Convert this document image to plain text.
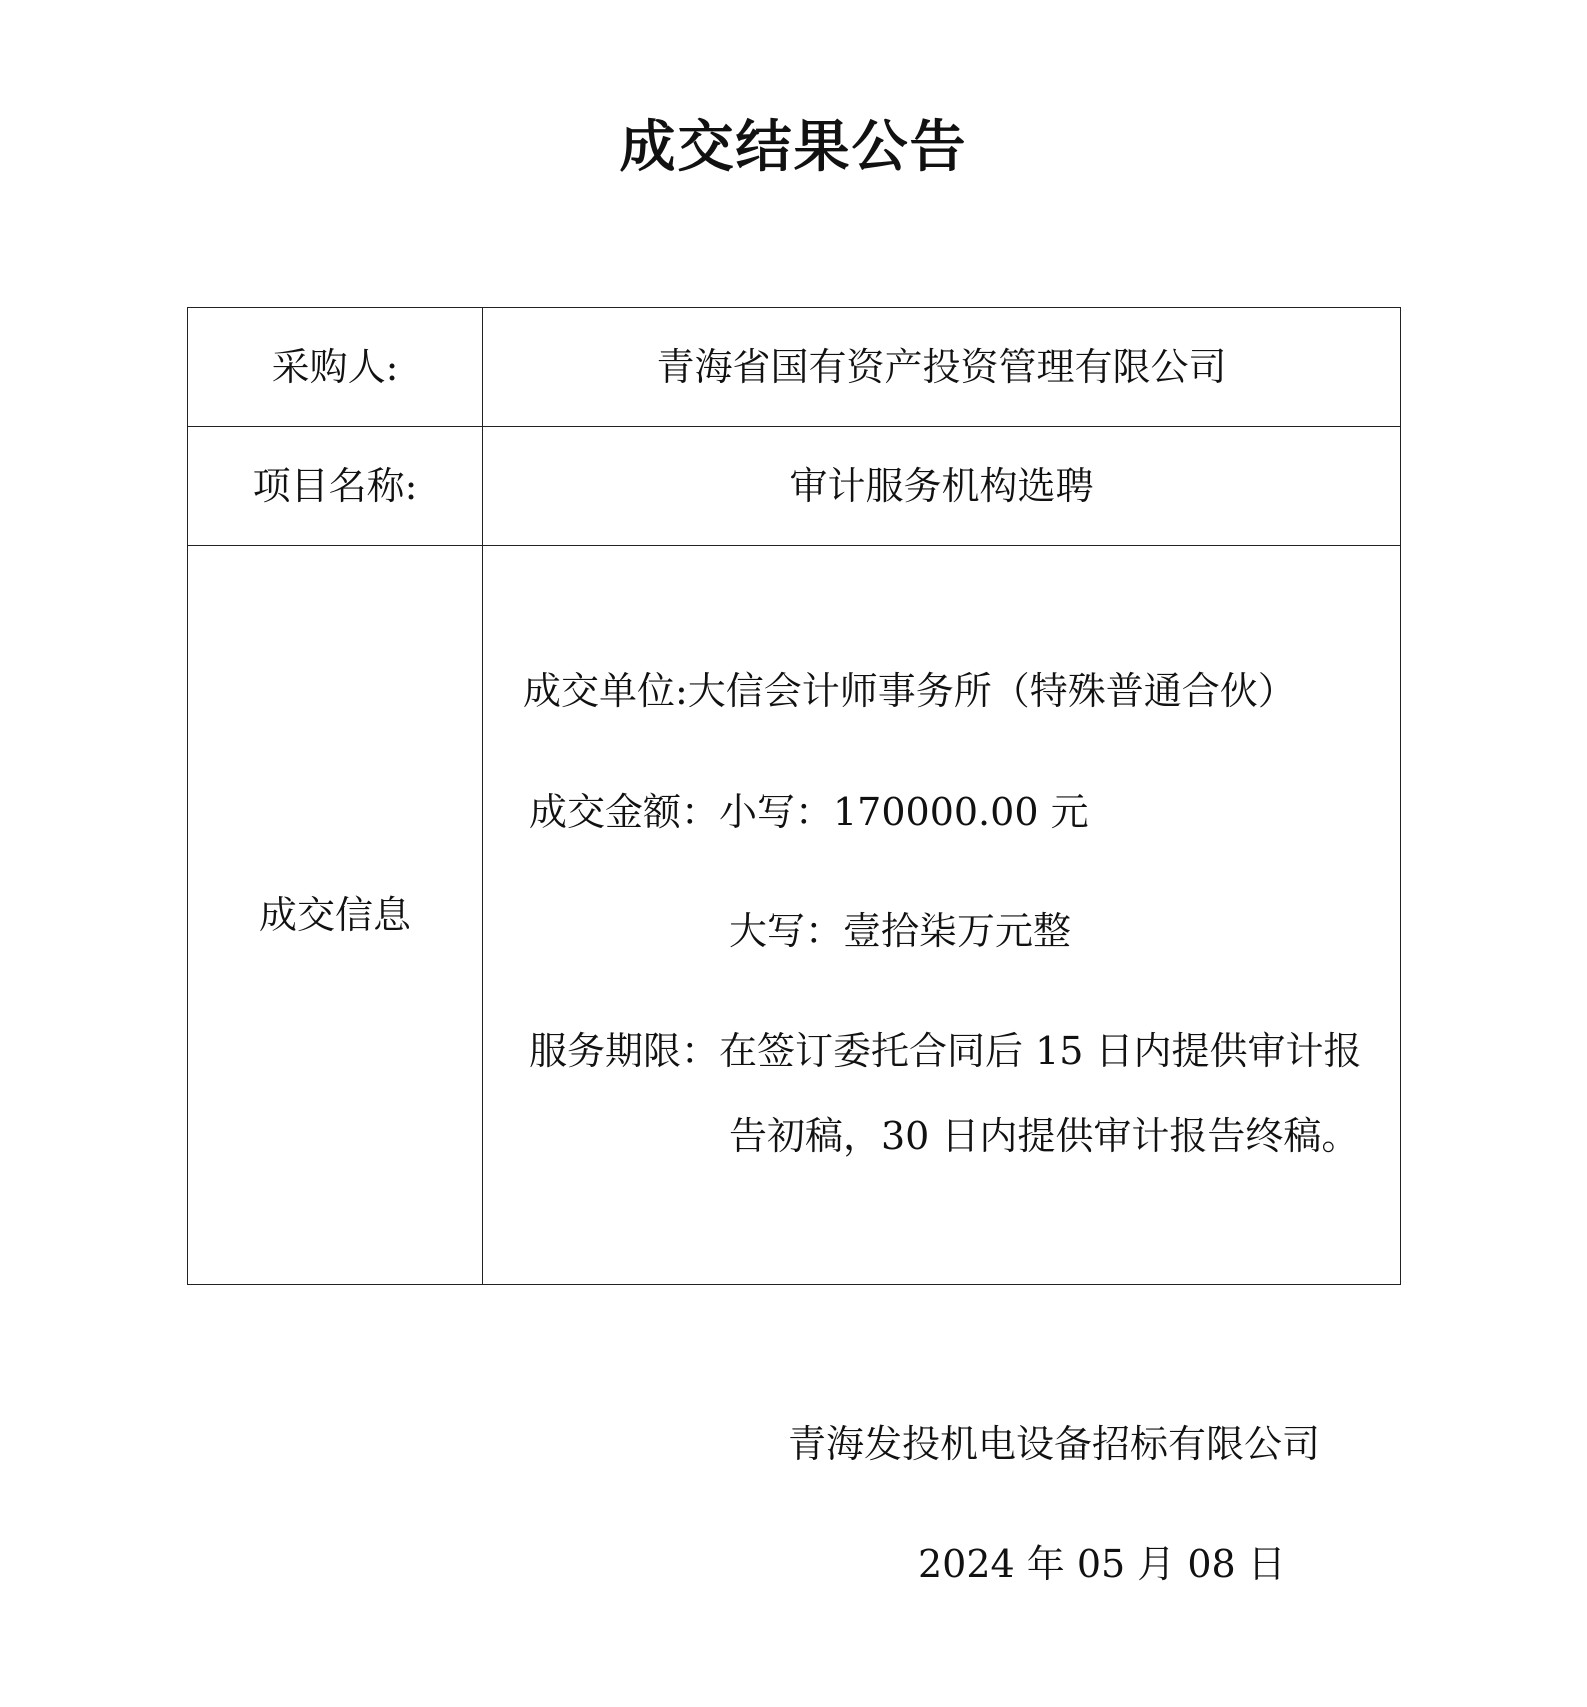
成交结果公告
采购人:	青海省国有资产投资管理有限公司
项目名称:	审计服务机构选聘
成交信息	成交单位:大信会计师事务所（特殊普通合伙）
成交金额：小写：170000.00 元
大写：壹拾柒万元整
服务期限：在签订委托合同后 15 日内提供审计报
告初稿，30 日内提供审计报告终稿。
青海发投机电设备招标有限公司
2024 年 05 月 08 日
